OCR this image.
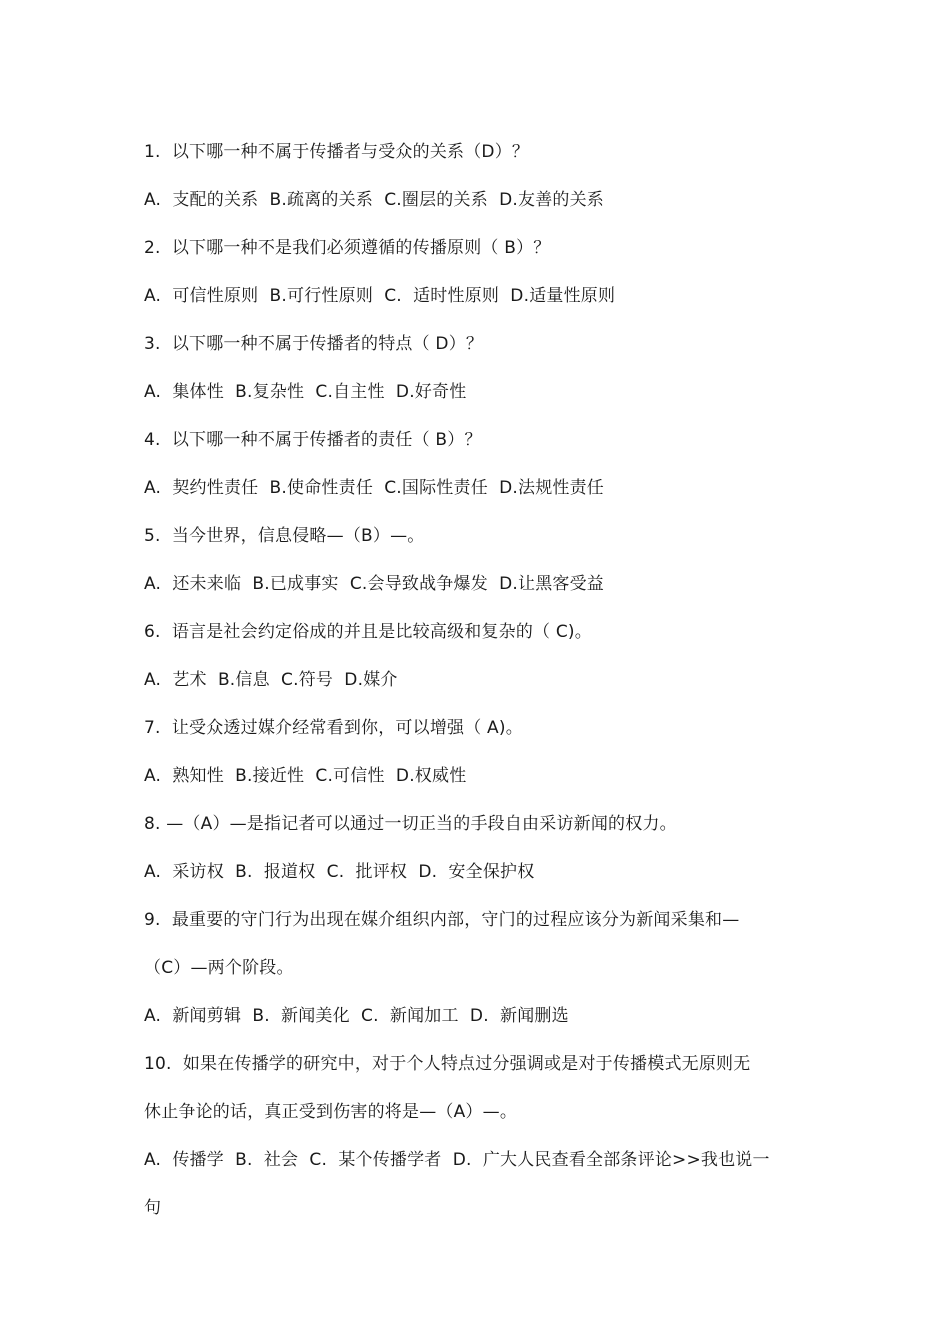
1.  以下哪一种不属于传播者与受众的关系（D）？
A.  支配的关系  B.疏离的关系  C.圈层的关系  D.友善的关系
2.  以下哪一种不是我们必须遵循的传播原则（ B）？
A.  可信性原则  B.可行性原则  C.  适时性原则  D.适量性原则
3.  以下哪一种不属于传播者的特点（ D）？
A.  集体性  B.复杂性  C.自主性  D.好奇性
4.  以下哪一种不属于传播者的责任（ B）？
A.  契约性责任  B.使命性责任  C.国际性责任  D.法规性责任
5.  当今世界，信息侵略—（B）—。
A.  还未来临  B.已成事实  C.会导致战争爆发  D.让黑客受益
6.  语言是社会约定俗成的并且是比较高级和复杂的（ C)。
A.  艺术  B.信息  C.符号  D.媒介
7.  让受众透过媒介经常看到你，可以增强（ A)。
A.  熟知性  B.接近性  C.可信性  D.权威性
8. —（A）—是指记者可以通过一切正当的手段自由采访新闻的权力。
A.  采访权  B.  报道权  C.  批评权  D.  安全保护权
9.  最重要的守门行为出现在媒介组织内部，守门的过程应该分为新闻采集和—
（C）—两个阶段。
A.  新闻剪辑  B.  新闻美化  C.  新闻加工  D.  新闻删选
10.  如果在传播学的研究中，对于个人特点过分强调或是对于传播模式无原则无
休止争论的话，真正受到伤害的将是—（A）—。
A.  传播学  B.  社会  C.  某个传播学者  D.  广大人民查看全部条评论>>我也说一
句
